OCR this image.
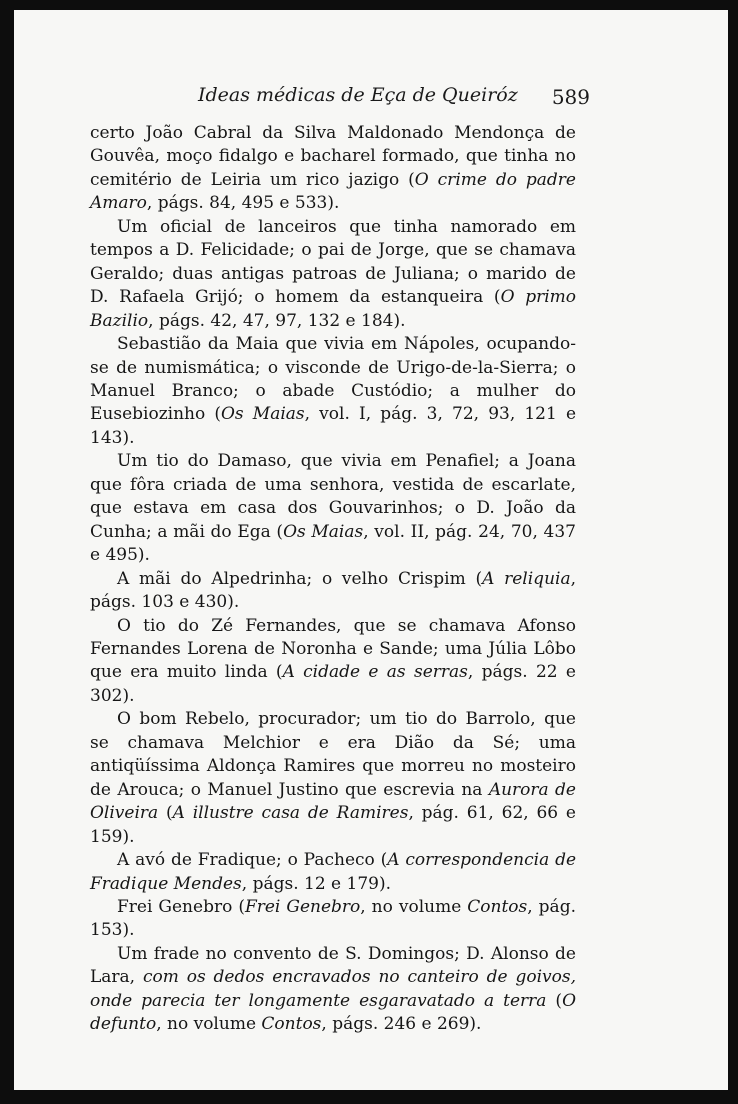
Ideas médicas de Eça de Queiróz 589

certo João Cabral da Silva Maldonado Mendonça de Gouvêa, moço fidalgo e bacharel formado, que tinha no cemitério de Leiria um rico jazigo (O crime do padre Amaro, págs. 84, 495 e 533).

Um oficial de lanceiros que tinha namorado em tempos a D. Felicidade; o pai de Jorge, que se chamava Geraldo; duas antigas patroas de Juliana; o marido de D. Rafaela Grijó; o homem da estanqueira (O primo Bazilio, págs. 42, 47, 97, 132 e 184).

Sebastião da Maia que vivia em Nápoles, ocupando-se de numismática; o visconde de Urigo-de-la-Sierra; o Manuel Branco; o abade Custódio; a mulher do Eusebiozinho (Os Maias, vol. I, pág. 3, 72, 93, 121 e 143).

Um tio do Damaso, que vivia em Penafiel; a Joana que fôra criada de uma senhora, vestida de escarlate, que estava em casa dos Gouvarinhos; o D. João da Cunha; a mãi do Ega (Os Maias, vol. II, pág. 24, 70, 437 e 495).

A mãi do Alpedrinha; o velho Crispim (A reliquia, págs. 103 e 430).

O tio do Zé Fernandes, que se chamava Afonso Fernandes Lorena de Noronha e Sande; uma Júlia Lôbo que era muito linda (A cidade e as serras, págs. 22 e 302).

O bom Rebelo, procurador; um tio do Barrolo, que se chamava Melchior e era Dião da Sé; uma antiqüíssima Aldonça Ramires que morreu no mosteiro de Arouca; o Manuel Justino que escrevia na Aurora de Oliveira (A illustre casa de Ramires, pág. 61, 62, 66 e 159).

A avó de Fradique; o Pacheco (A correspondencia de Fradique Mendes, págs. 12 e 179).

Frei Genebro (Frei Genebro, no volume Contos, pág. 153).

Um frade no convento de S. Domingos; D. Alonso de Lara, com os dedos encravados no canteiro de goivos, onde parecia ter longamente esgaravatado a terra (O defunto, no volume Contos, págs. 246 e 269).
